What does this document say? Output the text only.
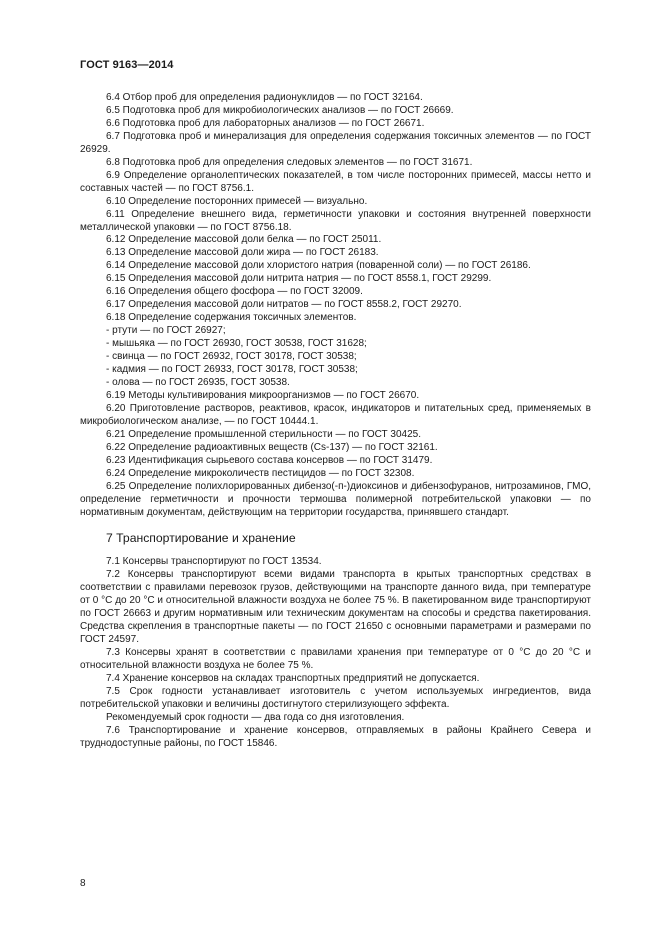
ГОСТ 9163—2014

6.4 Отбор проб для определения радионуклидов — по ГОСТ 32164.

6.5 Подготовка проб для микробиологических анализов — по ГОСТ 26669.

6.6 Подготовка проб для лабораторных анализов — по ГОСТ 26671.

6.7 Подготовка проб и минерализация для определения содержания токсичных элементов — по ГОСТ 26929.

6.8 Подготовка проб для определения следовых элементов — по ГОСТ 31671.

6.9 Определение органолептических показателей, в том числе посторонних примесей, массы нетто и составных частей — по ГОСТ 8756.1.

6.10 Определение посторонних примесей — визуально.

6.11 Определение внешнего вида, герметичности упаковки и состояния внутренней поверхности металлической упаковки — по ГОСТ 8756.18.

6.12 Определение массовой доли белка — по ГОСТ 25011.

6.13 Определение массовой доли жира — по ГОСТ 26183.

6.14 Определение массовой доли хлористого натрия (поваренной соли) — по ГОСТ 26186.

6.15 Определения массовой доли нитрита натрия — по ГОСТ 8558.1, ГОСТ 29299.

6.16 Определения общего фосфора — по ГОСТ 32009.

6.17 Определения массовой доли нитратов — по ГОСТ 8558.2, ГОСТ 29270.

6.18 Определение содержания токсичных элементов.

- ртути — по ГОСТ 26927;

- мышьяка — по ГОСТ 26930, ГОСТ 30538, ГОСТ 31628;

- свинца — по ГОСТ 26932, ГОСТ 30178, ГОСТ 30538;

- кадмия — по ГОСТ 26933, ГОСТ 30178, ГОСТ 30538;

- олова — по ГОСТ 26935, ГОСТ 30538.

6.19 Методы культивирования микроорганизмов — по ГОСТ 26670.

6.20 Приготовление растворов, реактивов, красок, индикаторов и питательных сред, применяемых в микробиологическом анализе, — по ГОСТ 10444.1.

6.21 Определение промышленной стерильности — по ГОСТ 30425.

6.22 Определение радиоактивных веществ (Cs-137) — по ГОСТ 32161.

6.23 Идентификация сырьевого состава консервов — по ГОСТ 31479.

6.24 Определение микроколичеств пестицидов — по ГОСТ 32308.

6.25 Определение полихлорированных дибензо(-п-)диоксинов и дибензофуранов, нитрозаминов, ГМО, определение герметичности и прочности термошва полимерной потребительской упаковки — по нормативным документам, действующим на территории государства, принявшего стандарт.

7 Транспортирование и хранение

7.1 Консервы транспортируют по ГОСТ 13534.

7.2 Консервы транспортируют всеми видами транспорта в крытых транспортных средствах в соответствии с правилами перевозок грузов, действующими на транспорте данного вида, при температуре от 0 °C до 20 °C и относительной влажности воздуха не более 75 %. В пакетированном виде транспортируют по ГОСТ 26663 и другим нормативным или техническим документам на способы и средства пакетирования. Средства скрепления в транспортные пакеты — по ГОСТ 21650 с основными параметрами и размерами по ГОСТ 24597.

7.3 Консервы хранят в соответствии с правилами хранения при температуре от 0 °C до 20 °C и относительной влажности воздуха не более 75 %.

7.4 Хранение консервов на складах транспортных предприятий не допускается.

7.5 Срок годности устанавливает изготовитель с учетом используемых ингредиентов, вида потребительской упаковки и величины достигнутого стерилизующего эффекта.

Рекомендуемый срок годности — два года со дня изготовления.

7.6 Транспортирование и хранение консервов, отправляемых в районы Крайнего Севера и труднодоступные районы, по ГОСТ 15846.

8
